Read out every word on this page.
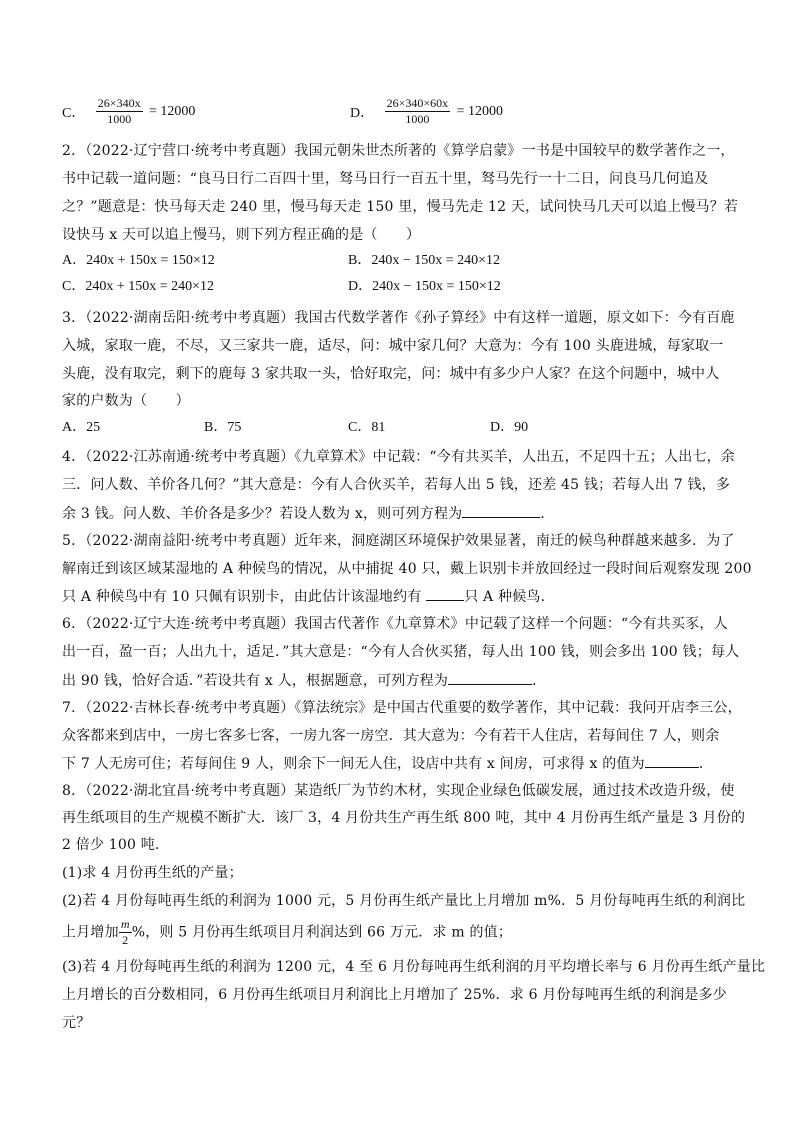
C． $\frac{26\times 340x}{1000} = 12000$	D． $\frac{26\times 340\times 60x}{1000} = 12000$
2．（2022·辽宁营口·统考中考真题）我国元朝朱世杰所著的《算学启蒙》一书是中国较早的数学著作之一，
书中记载一道问题：“良马日行二百四十里，驽马日行一百五十里，驽马先行一十二日，问良马几何追及
之？”题意是：快马每天走 240 里，慢马每天走 150 里，慢马先走 12 天，试问快马几天可以追上慢马？若
设快马 x 天可以追上慢马，则下列方程正确的是（　　）
A．240x + 150x = 150×12	B．240x − 150x = 240×12
C．240x + 150x = 240×12	D．240x − 150x = 150×12
3．（2022·湖南岳阳·统考中考真题）我国古代数学著作《孙子算经》中有这样一道题，原文如下：今有百鹿
入城，家取一鹿，不尽，又三家共一鹿，适尽，问：城中家几何？大意为：今有 100 头鹿进城，每家取一
头鹿，没有取完，剩下的鹿每 3 家共取一头，恰好取完，问：城中有多少户人家？在这个问题中，城中人
家的户数为（　　）
A．25	B．75	C．81	D．90
4．（2022·江苏南通·统考中考真题）《九章算术》中记载：“今有共买羊，人出五，不足四十五；人出七，余
三．问人数、羊价各几何？”其大意是：今有人合伙买羊，若每人出 5 钱，还差 45 钱；若每人出 7 钱，多
余 3 钱。问人数、羊价各是多少？若设人数为 x，则可列方程为	．
5．（2022·湖南益阳·统考中考真题）近年来，洞庭湖区环境保护效果显著，南迁的候鸟种群越来越多．为了
解南迁到该区域某湿地的 A 种候鸟的情况，从中捕捉 40 只，戴上识别卡并放回经过一段时间后观察发现 200
只 A 种候鸟中有 10 只佩有识别卡，由此估计该湿地约有	只 A 种候鸟．
6．（2022·辽宁大连·统考中考真题）我国古代著作《九章算术》中记载了这样一个问题：“今有共买豕，人
出一百，盈一百；人出九十，适足．”其大意是：“今有人合伙买猪，每人出 100 钱，则会多出 100 钱；每人
出 90 钱，恰好合适．”若设共有 x 人，根据题意，可列方程为	．
7．（2022·吉林长春·统考中考真题）《算法统宗》是中国古代重要的数学著作，其中记载：我问开店李三公，
众客都来到店中，一房七客多七客，一房九客一房空．其大意为：今有若干人住店，若每间住 7 人，则余
下 7 人无房可住；若每间住 9 人，则余下一间无人住，设店中共有 x 间房，可求得 x 的值为	．
8．（2022·湖北宜昌·统考中考真题）某造纸厂为节约木材，实现企业绿色低碳发展，通过技术改造升级，使
再生纸项目的生产规模不断扩大．该厂 3，4 月份共生产再生纸 800 吨，其中 4 月份再生纸产量是 3 月份的
2 倍少 100 吨．
(1)求 4 月份再生纸的产量；
(2)若 4 月份每吨再生纸的利润为 1000 元，5 月份再生纸产量比上月增加 m%．5 月份每吨再生纸的利润比
上月增加 $\frac{m}{2}$ %，则 5 月份再生纸项目月利润达到 66 万元．求 m 的值；
(3)若 4 月份每吨再生纸的利润为 1200 元，4 至 6 月份每吨再生纸利润的月平均增长率与 6 月份再生纸产量比
上月增长的百分数相同，6 月份再生纸项目月利润比上月增加了 25%．求 6 月份每吨再生纸的利润是多少
元？
